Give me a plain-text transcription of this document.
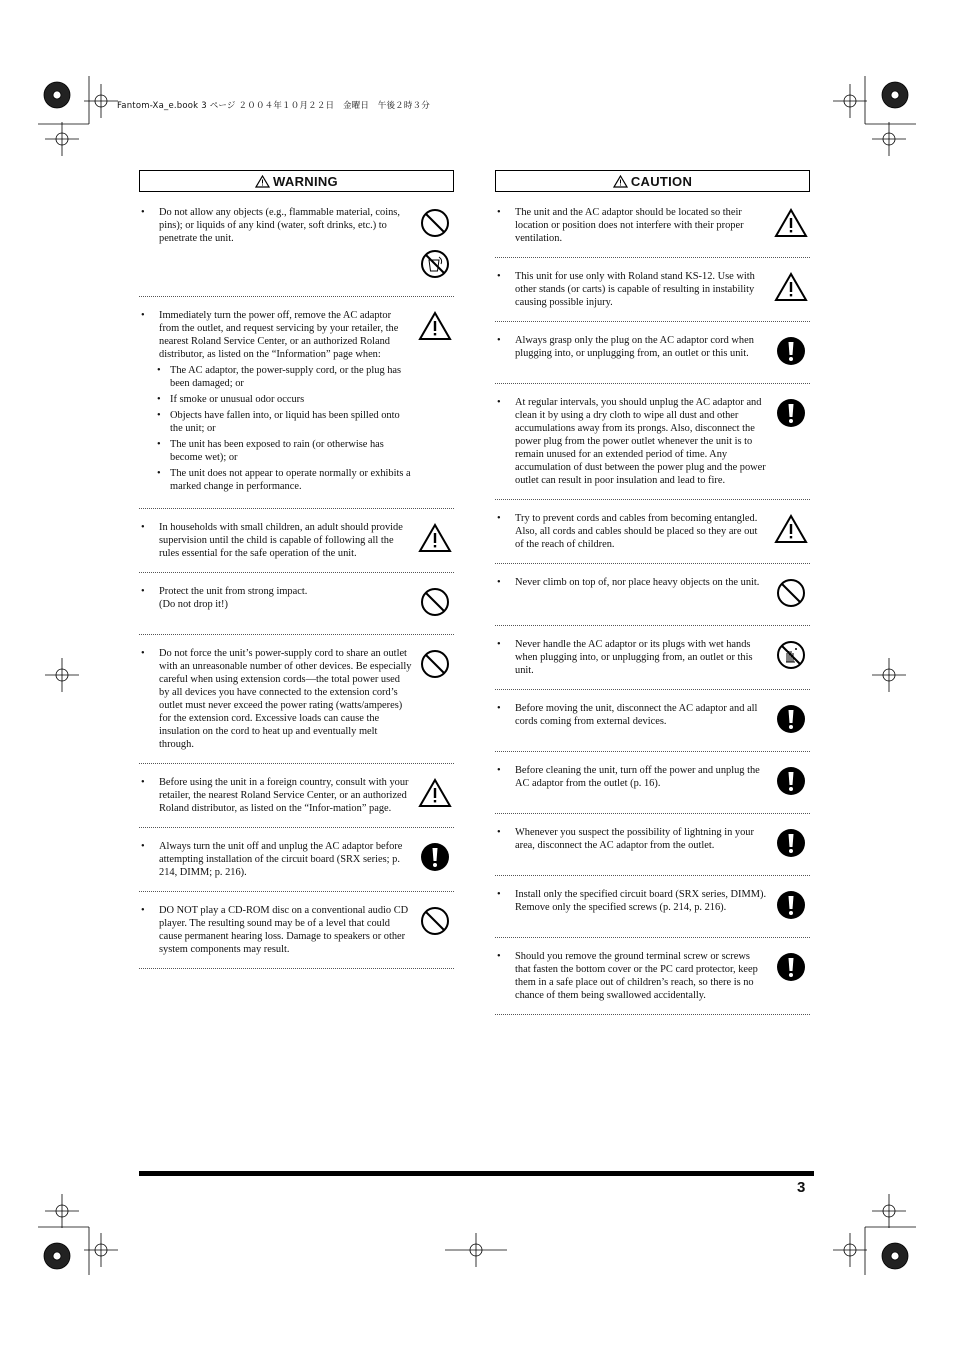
Fantom-Xa_e.book 3 ページ ２００４年１０月２２日　金曜日　午後２時３分
WARNING
•	Do not allow any objects (e.g., flammable material, coins, pins); or liquids of any kind (water, soft drinks, etc.) to penetrate the unit.
•	Immediately turn the power off, remove the AC adaptor from the outlet, and request servicing by your retailer, the nearest Roland Service Center, or an authorized Roland distributor, as listed on the “Information” page when:
• The AC adaptor, the power-supply cord, or the plug has been damaged; or
• If smoke or unusual odor occurs
• Objects have fallen into, or liquid has been spilled onto the unit; or
• The unit has been exposed to rain (or otherwise has become wet); or
• The unit does not appear to operate normally or exhibits a marked change in performance.
•	In households with small children, an adult should provide supervision until the child is capable of following all the rules essential for the safe operation of the unit.
•	Protect the unit from strong impact.
(Do not drop it!)
•	Do not force the unit’s power-supply cord to share an outlet with an unreasonable number of other devices. Be especially careful when using extension cords—the total power used by all devices you have connected to the extension cord’s outlet must never exceed the power rating (watts/amperes) for the extension cord. Excessive loads can cause the insulation on the cord to heat up and eventually melt through.
•	Before using the unit in a foreign country, consult with your retailer, the nearest Roland Service Center, or an authorized Roland distributor, as listed on the “Infor-mation” page.
•	Always turn the unit off and unplug the AC adaptor before attempting installation of the circuit board (SRX series; p. 214, DIMM; p. 216).
•	DO NOT play a CD-ROM disc on a conventional audio CD player. The resulting sound may be of a level that could cause permanent hearing loss. Damage to speakers or other system components may result.
CAUTION
•	The unit and the AC adaptor should be located so their location or position does not interfere with their proper ventilation.
•	This unit for use only with Roland stand KS-12. Use with other stands (or carts) is capable of resulting in instability causing possible injury.
•	Always grasp only the plug on the AC adaptor cord when plugging into, or unplugging from, an outlet or this unit.
•	At regular intervals, you should unplug the AC adaptor and clean it by using a dry cloth to wipe all dust and other accumulations away from its prongs. Also, disconnect the power plug from the power outlet whenever the unit is to remain unused for an extended period of time. Any accumulation of dust between the power plug and the power outlet can result in poor insulation and lead to fire.
•	Try to prevent cords and cables from becoming entangled. Also, all cords and cables should be placed so they are out of the reach of children.
•	Never climb on top of, nor place heavy objects on the unit.
•	Never handle the AC adaptor or its plugs with wet hands when plugging into, or unplugging from, an outlet or this unit.
•	Before moving the unit, disconnect the AC adaptor and all cords coming from external devices.
•	Before cleaning the unit, turn off the power and unplug the AC adaptor from the outlet (p. 16).
•	Whenever you suspect the possibility of lightning in your area, disconnect the AC adaptor from the outlet.
•	Install only the specified circuit board (SRX series, DIMM). Remove only the specified screws (p. 214, p. 216).
•	Should you remove the ground terminal screw or screws that fasten the bottom cover or the PC card protector, keep them in a safe place out of children’s reach, so there is no chance of them being swallowed accidentally.
3
